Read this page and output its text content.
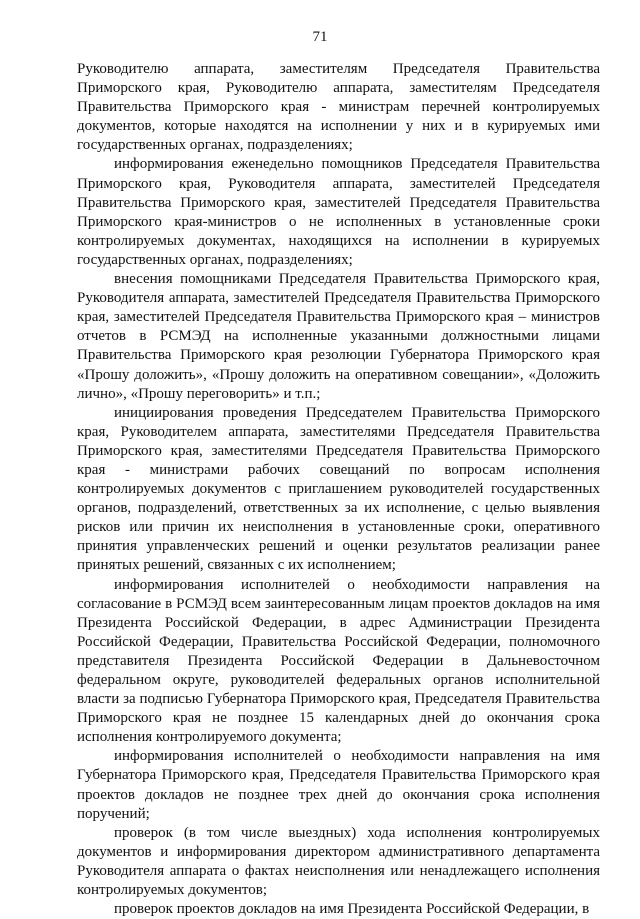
71

Руководителю аппарата, заместителям Председателя Правительства Приморского края, Руководителю аппарата, заместителям Председателя Правительства Приморского края - министрам перечней контролируемых документов, которые находятся на исполнении у них и в курируемых ими государственных органах, подразделениях;

информирования еженедельно помощников Председателя Правительства Приморского края, Руководителя аппарата, заместителей Председателя Правительства Приморского края, заместителей Председателя Правительства Приморского края-министров о не исполненных в установленные сроки контролируемых документах, находящихся на исполнении в курируемых государственных органах, подразделениях;

внесения помощниками Председателя Правительства Приморского края, Руководителя аппарата, заместителей Председателя Правительства Приморского края, заместителей Председателя Правительства Приморского края – министров отчетов в РСМЭД на исполненные указанными должностными лицами Правительства Приморского края резолюции Губернатора Приморского края «Прошу доложить», «Прошу доложить на оперативном совещании», «Доложить лично», «Прошу переговорить» и т.п.;

инициирования проведения Председателем Правительства Приморского края, Руководителем аппарата, заместителями Председателя Правительства Приморского края, заместителями Председателя Правительства Приморского края - министрами рабочих совещаний по вопросам исполнения контролируемых документов с приглашением руководителей государственных органов, подразделений, ответственных за их исполнение, с целью выявления рисков или причин их неисполнения в установленные сроки, оперативного принятия управленческих решений и оценки результатов реализации ранее принятых решений, связанных с их исполнением;

информирования исполнителей о необходимости направления на согласование в РСМЭД всем заинтересованным лицам проектов докладов на имя Президента Российской Федерации, в адрес Администрации Президента Российской Федерации, Правительства Российской Федерации, полномочного представителя Президента Российской Федерации в Дальневосточном федеральном округе, руководителей федеральных органов исполнительной власти за подписью Губернатора Приморского края, Председателя Правительства Приморского края не позднее 15 календарных дней до окончания срока исполнения контролируемого документа;

информирования исполнителей о необходимости направления на имя Губернатора Приморского края, Председателя Правительства Приморского края проектов докладов не позднее трех дней до окончания срока исполнения поручений;

проверок (в том числе выездных) хода исполнения контролируемых документов и информирования директором административного департамента Руководителя аппарата о фактах неисполнения или ненадлежащего исполнения контролируемых документов;

проверок проектов докладов на имя Президента Российской Федерации, в
